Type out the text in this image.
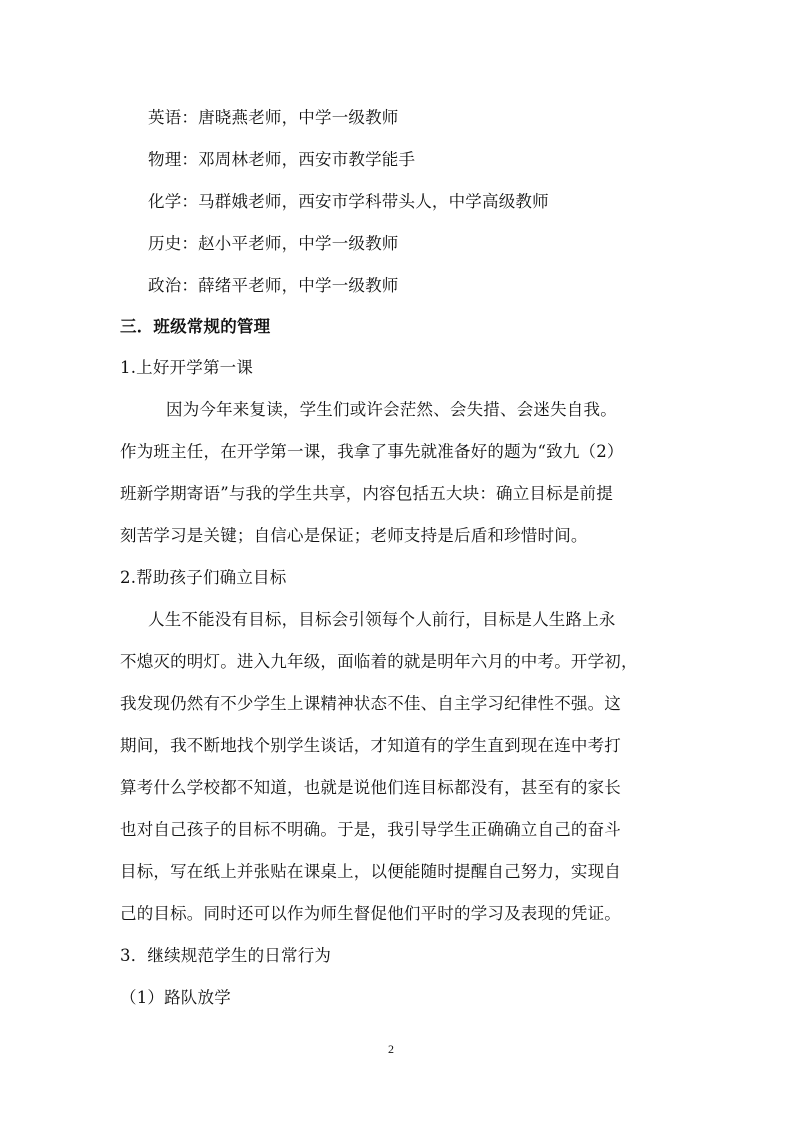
英语：唐晓燕老师，中学一级教师
物理：邓周林老师，西安市教学能手
化学：马群娥老师，西安市学科带头人，中学高级教师
历史：赵小平老师，中学一级教师
政治：薛绪平老师，中学一级教师
三．班级常规的管理
1.上好开学第一课
因为今年来复读，学生们或许会茫然、会失措、会迷失自我。
作为班主任，在开学第一课，我拿了事先就准备好的题为“致九（2）
班新学期寄语”与我的学生共享，内容包括五大块：确立目标是前提
刻苦学习是关键；自信心是保证；老师支持是后盾和珍惜时间。
2.帮助孩子们确立目标
人生不能没有目标，目标会引领每个人前行，目标是人生路上永
不熄灭的明灯。进入九年级，面临着的就是明年六月的中考。开学初，
我发现仍然有不少学生上课精神状态不佳、自主学习纪律性不强。这
期间，我不断地找个别学生谈话，才知道有的学生直到现在连中考打
算考什么学校都不知道，也就是说他们连目标都没有，甚至有的家长
也对自己孩子的目标不明确。于是，我引导学生正确确立自己的奋斗
目标，写在纸上并张贴在课桌上，以便能随时提醒自己努力，实现自
己的目标。同时还可以作为师生督促他们平时的学习及表现的凭证。
3．继续规范学生的日常行为
（1）路队放学
2
